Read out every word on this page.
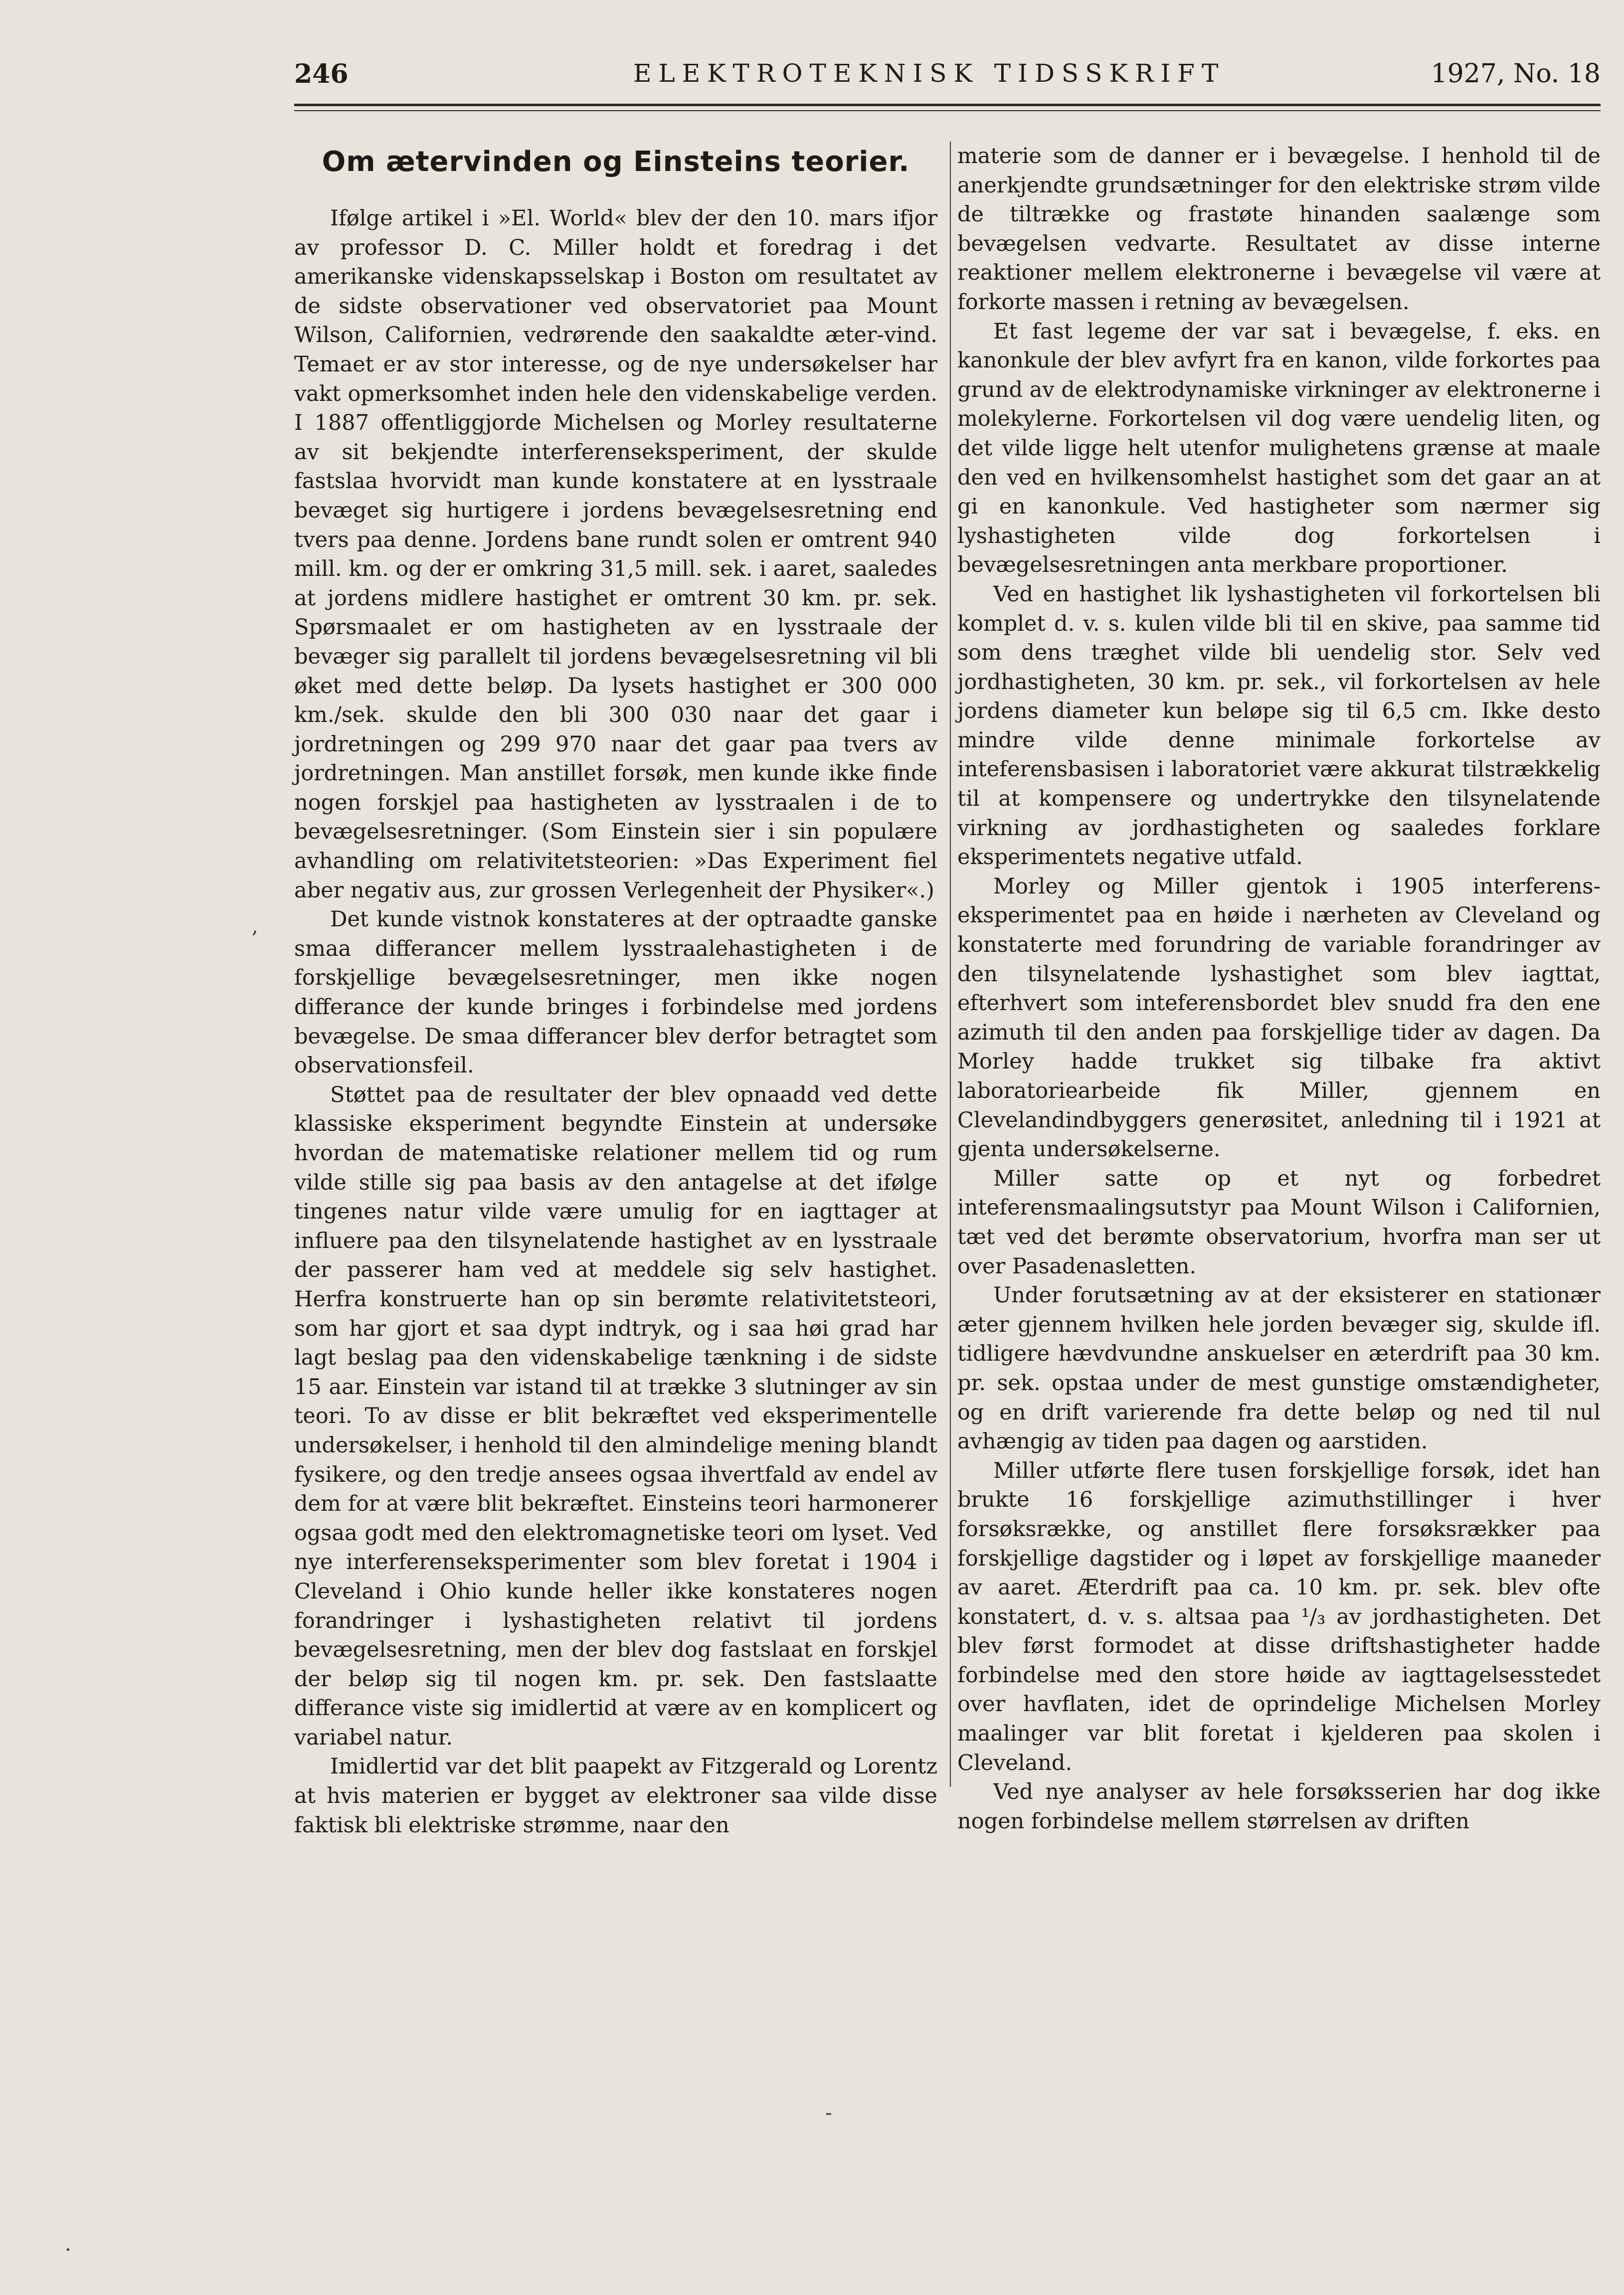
246	ELEKTROTEKNISK TIDSSKRIFT	1927, No. 18
Om ætervinden og Einsteins teorier.

Ifølge artikel i »El. World« blev der den 10. mars ifjor av professor D. C. Miller holdt et foredrag i det amerikanske videnskapsselskap i Boston om resultatet av de sidste observationer ved observatoriet paa Mount Wilson, Californien, vedrørende den saakaldte æter-vind. Temaet er av stor interesse, og de nye undersøkelser har vakt opmerksomhet inden hele den videnskabelige verden. I 1887 offentliggjorde Michelsen og Morley resultaterne av sit bekjendte interferenseksperiment, der skulde fastslaa hvorvidt man kunde konstatere at en lysstraale bevæget sig hurtigere i jordens bevægelsesretning end tvers paa denne. Jordens bane rundt solen er omtrent 940 mill. km. og der er omkring 31,5 mill. sek. i aaret, saaledes at jordens midlere hastighet er omtrent 30 km. pr. sek. Spørsmaalet er om hastigheten av en lysstraale der bevæger sig parallelt til jordens bevægelsesretning vil bli øket med dette beløp. Da lysets hastighet er 300 000 km./sek. skulde den bli 300 030 naar det gaar i jordretningen og 299 970 naar det gaar paa tvers av jordretningen. Man anstillet forsøk, men kunde ikke finde nogen forskjel paa hastigheten av lysstraalen i de to bevægelsesretninger. (Som Einstein sier i sin populære avhandling om relativitetsteorien: »Das Experiment fiel aber negativ aus, zur grossen Verlegenheit der Physiker«.)

Det kunde vistnok konstateres at der optraadte ganske smaa differancer mellem lysstraalehastigheten i de forskjellige bevægelsesretninger, men ikke nogen differance der kunde bringes i forbindelse med jordens bevægelse. De smaa differancer blev derfor betragtet som observationsfeil.

Støttet paa de resultater der blev opnaadd ved dette klassiske eksperiment begyndte Einstein at undersøke hvordan de matematiske relationer mellem tid og rum vilde stille sig paa basis av den antagelse at det ifølge tingenes natur vilde være umulig for en iagttager at influere paa den tilsynelatende hastighet av en lysstraale der passerer ham ved at meddele sig selv hastighet. Herfra konstruerte han op sin berømte relativitetsteori, som har gjort et saa dypt indtryk, og i saa høi grad har lagt beslag paa den videnskabelige tænkning i de sidste 15 aar. Einstein var istand til at trække 3 slutninger av sin teori. To av disse er blit bekræftet ved eksperimentelle undersøkelser, i henhold til den almindelige mening blandt fysikere, og den tredje ansees ogsaa ihvertfald av endel av dem for at være blit bekræftet. Einsteins teori harmonerer ogsaa godt med den elektromagnetiske teori om lyset. Ved nye interferenseksperimenter som blev foretat i 1904 i Cleveland i Ohio kunde heller ikke konstateres nogen forandringer i lyshastigheten relativt til jordens bevægelsesretning, men der blev dog fastslaat en forskjel der beløp sig til nogen km. pr. sek. Den fastslaatte differance viste sig imidlertid at være av en komplicert og variabel natur.

Imidlertid var det blit paapekt av Fitzgerald og Lorentz at hvis materien er bygget av elektroner saa vilde disse faktisk bli elektriske strømme, naar den

materie som de danner er i bevægelse. I henhold til de anerkjendte grundsætninger for den elektriske strøm vilde de tiltrække og frastøte hinanden saalænge som bevægelsen vedvarte. Resultatet av disse interne reaktioner mellem elektronerne i bevægelse vil være at forkorte massen i retning av bevægelsen.

Et fast legeme der var sat i bevægelse, f. eks. en kanonkule der blev avfyrt fra en kanon, vilde forkortes paa grund av de elektrodynamiske virkninger av elektronerne i molekylerne. Forkortelsen vil dog være uendelig liten, og det vilde ligge helt utenfor mulighetens grænse at maale den ved en hvilkensomhelst hastighet som det gaar an at gi en kanonkule. Ved hastigheter som nærmer sig lyshastigheten vilde dog forkortelsen i bevægelsesretningen anta merkbare proportioner.

Ved en hastighet lik lyshastigheten vil forkortelsen bli komplet d. v. s. kulen vilde bli til en skive, paa samme tid som dens træghet vilde bli uendelig stor. Selv ved jordhastigheten, 30 km. pr. sek., vil forkortelsen av hele jordens diameter kun beløpe sig til 6,5 cm. Ikke desto mindre vilde denne minimale forkortelse av inteferensbasisen i laboratoriet være akkurat tilstrækkelig til at kompensere og undertrykke den tilsynelatende virkning av jordhastigheten og saaledes forklare eksperimentets negative utfald.

Morley og Miller gjentok i 1905 interferens-eksperimentet paa en høide i nærheten av Cleveland og konstaterte med forundring de variable forandringer av den tilsynelatende lyshastighet som blev iagttat, efterhvert som inteferensbordet blev snudd fra den ene azimuth til den anden paa forskjellige tider av dagen. Da Morley hadde trukket sig tilbake fra aktivt laboratoriearbeide fik Miller, gjennem en Clevelandindbyggers generøsitet, anledning til i 1921 at gjenta undersøkelserne.

Miller satte op et nyt og forbedret inteferensmaalingsutstyr paa Mount Wilson i Californien, tæt ved det berømte observatorium, hvorfra man ser ut over Pasadenasletten.

Under forutsætning av at der eksisterer en stationær æter gjennem hvilken hele jorden bevæger sig, skulde ifl. tidligere hævdvundne anskuelser en æterdrift paa 30 km. pr. sek. opstaa under de mest gunstige omstændigheter, og en drift varierende fra dette beløp og ned til nul avhængig av tiden paa dagen og aarstiden.

Miller utførte flere tusen forskjellige forsøk, idet han brukte 16 forskjellige azimuthstillinger i hver forsøksrække, og anstillet flere forsøksrækker paa forskjellige dagstider og i løpet av forskjellige maaneder av aaret. Æterdrift paa ca. 10 km. pr. sek. blev ofte konstatert, d. v. s. altsaa paa ¹/₃ av jordhastigheten. Det blev først formodet at disse driftshastigheter hadde forbindelse med den store høide av iagttagelsesstedet over havflaten, idet de oprindelige Michelsen Morley maalinger var blit foretat i kjelderen paa skolen i Cleveland.

Ved nye analyser av hele forsøksserien har dog ikke nogen forbindelse mellem størrelsen av driften

,
-
·
